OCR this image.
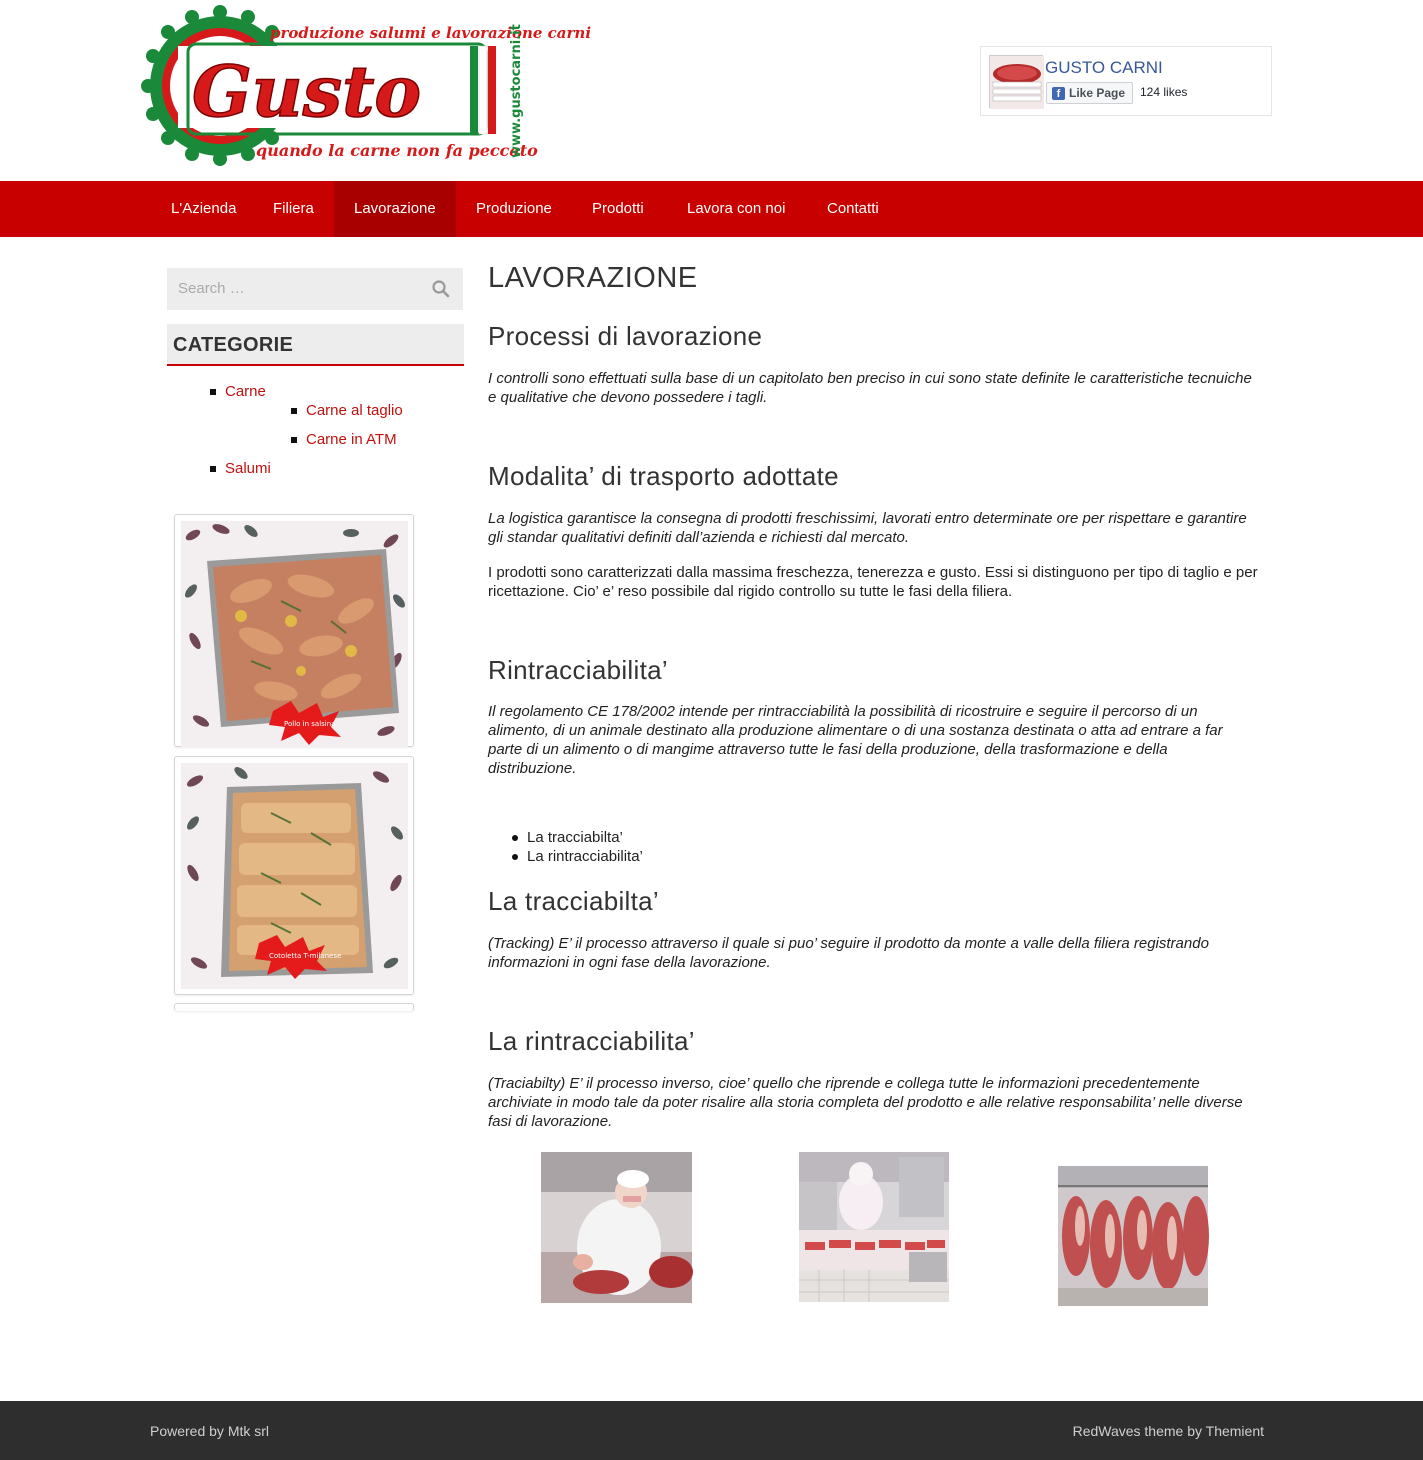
produzione salumi e lavorazione carni
Gusto
quando la carne non fa peccato
www.gustocarni.it	GUSTO CARNI
f Like Page 124 likes
L'Azienda	Filiera	Lavorazione	Produzione	Prodotti	Lavora con noi	Contatti
Search …
CATEGORIE
Carne
Carne al taglio
Carne in ATM
Salumi
Pollo in salsina
Cotoletta T-milanese
LAVORAZIONE
Processi di lavorazione
I controlli sono effettuati sulla base di un capitolato ben preciso in cui sono state definite le caratteristiche tecnuiche e qualitative che devono possedere i tagli.
Modalita’ di trasporto adottate
La logistica garantisce la consegna di prodotti freschissimi, lavorati entro determinate ore per rispettare e garantire gli standar qualitativi definiti dall’azienda e richiesti dal mercato.
I prodotti sono caratterizzati dalla massima freschezza, tenerezza e gusto. Essi si distinguono per tipo di taglio e per ricettazione. Cio’ e’ reso possibile dal rigido controllo su tutte le fasi della filiera.
Rintracciabilita’
Il regolamento CE 178/2002 intende per rintracciabilità la possibilità di ricostruire e seguire il percorso di un alimento, di un animale destinato alla produzione alimentare o di una sostanza destinata o atta ad entrare a far parte di un alimento o di mangime attraverso tutte le fasi della produzione, della trasformazione e della distribuzione.
La tracciabilta’
La rintracciabilita’
La tracciabilta’
(Tracking) E’ il processo attraverso il quale si puo’ seguire il prodotto da monte a valle della filiera registrando informazioni in ogni fase della lavorazione.
La rintracciabilita’
(Traciabilty) E’ il processo inverso, cioe’ quello che riprende e collega tutte le informazioni precedentemente archiviate in modo tale da poter risalire alla storia completa del prodotto e alle relative responsabilita’ nelle diverse fasi di lavorazione.
Powered by Mtk srl	RedWaves theme by Themient
